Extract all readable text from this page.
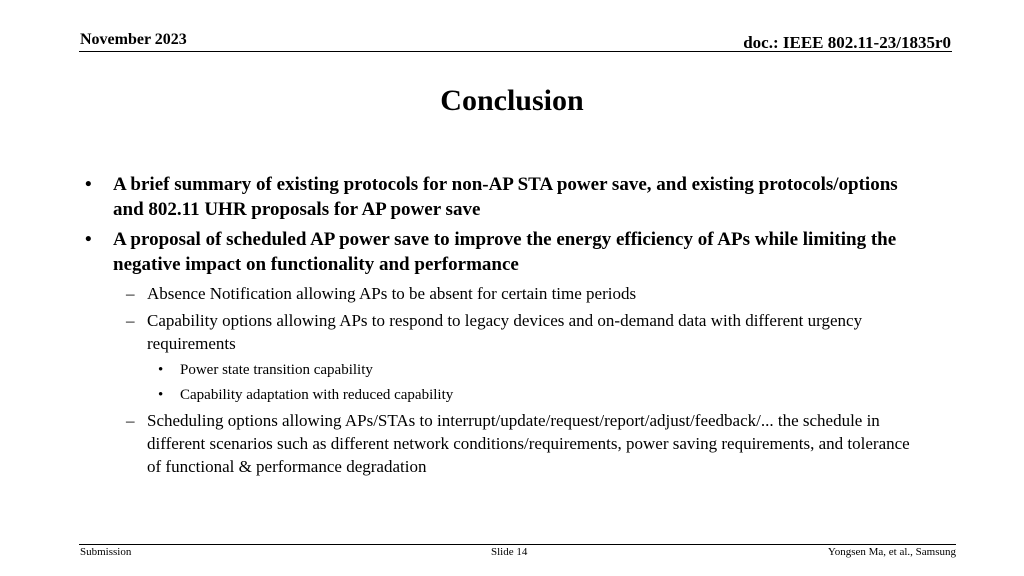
November 2023	doc.: IEEE 802.11-23/1835r0
Conclusion
• A brief summary of existing protocols for non-AP STA power save, and existing protocols/options and 802.11 UHR proposals for AP power save
• A proposal of scheduled AP power save to improve the energy efficiency of APs while limiting the negative impact on functionality and performance
– Absence Notification allowing APs to be absent for certain time periods
– Capability options allowing APs to respond to legacy devices and on-demand data with different urgency requirements
• Power state transition capability
• Capability adaptation with reduced capability
– Scheduling options allowing APs/STAs to interrupt/update/request/report/adjust/feedback/... the schedule in different scenarios such as different network conditions/requirements, power saving requirements, and tolerance of functional & performance degradation
Submission	Slide 14	Yongsen Ma, et al., Samsung
